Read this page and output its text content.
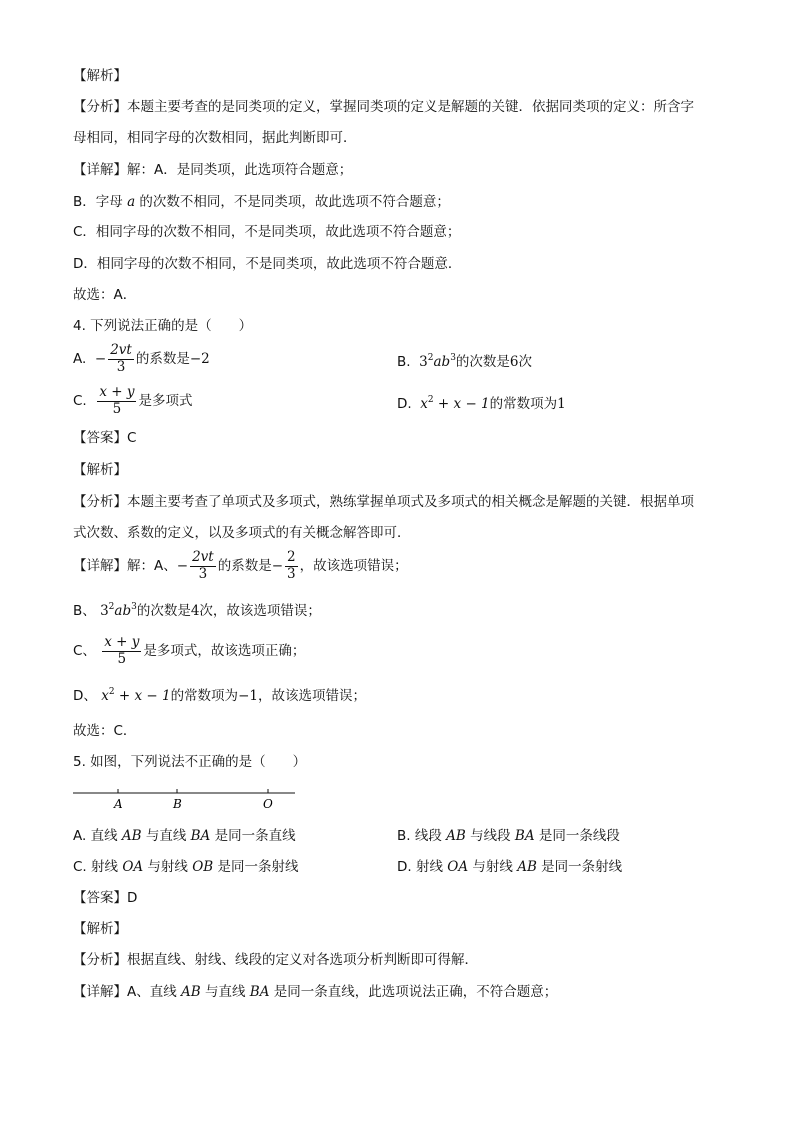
【解析】
【分析】本题主要考查的是同类项的定义，掌握同类项的定义是解题的关键．依据同类项的定义：所含字
母相同，相同字母的次数相同，据此判断即可．
【详解】解：A．是同类项，此选项符合题意；
B．字母 a 的次数不相同，不是同类项，故此选项不符合题意；
C．相同字母的次数不相同，不是同类项，故此选项不符合题意；
D．相同字母的次数不相同，不是同类项，故此选项不符合题意．
故选：A．
4. 下列说法正确的是（　　）
A. − $\frac{2vt}{3}$ 的系数是−2	B. $3^2ab^3$的次数是6次
C. $\frac{x + y}{5}$ 是多项式	D. $x^2 + x - 1$的常数项为1
【答案】C
【解析】
【分析】本题主要考查了单项式及多项式，熟练掌握单项式及多项式的相关概念是解题的关键．根据单项
式次数、系数的定义，以及多项式的有关概念解答即可．
【详解】解：A、− $\frac{2vt}{3}$ 的系数是− $\frac{2}{3}$ ，故该选项错误；
B、 $3^2ab^3$的次数是4次，故该选项错误；
C、 $\frac{x + y}{5}$ 是多项式，故该选项正确；
D、 $x^2 + x - 1$的常数项为−1，故该选项错误；
故选：C．
5. 如图，下列说法不正确的是（　　）
A	B	O
A. 直线 AB 与直线 BA 是同一条直线	B. 线段 AB 与线段 BA 是同一条线段
C. 射线 OA 与射线 OB 是同一条射线	D. 射线 OA 与射线 AB 是同一条射线
【答案】D
【解析】
【分析】根据直线、射线、线段的定义对各选项分析判断即可得解．
【详解】A、直线 AB 与直线 BA 是同一条直线，此选项说法正确，不符合题意；
